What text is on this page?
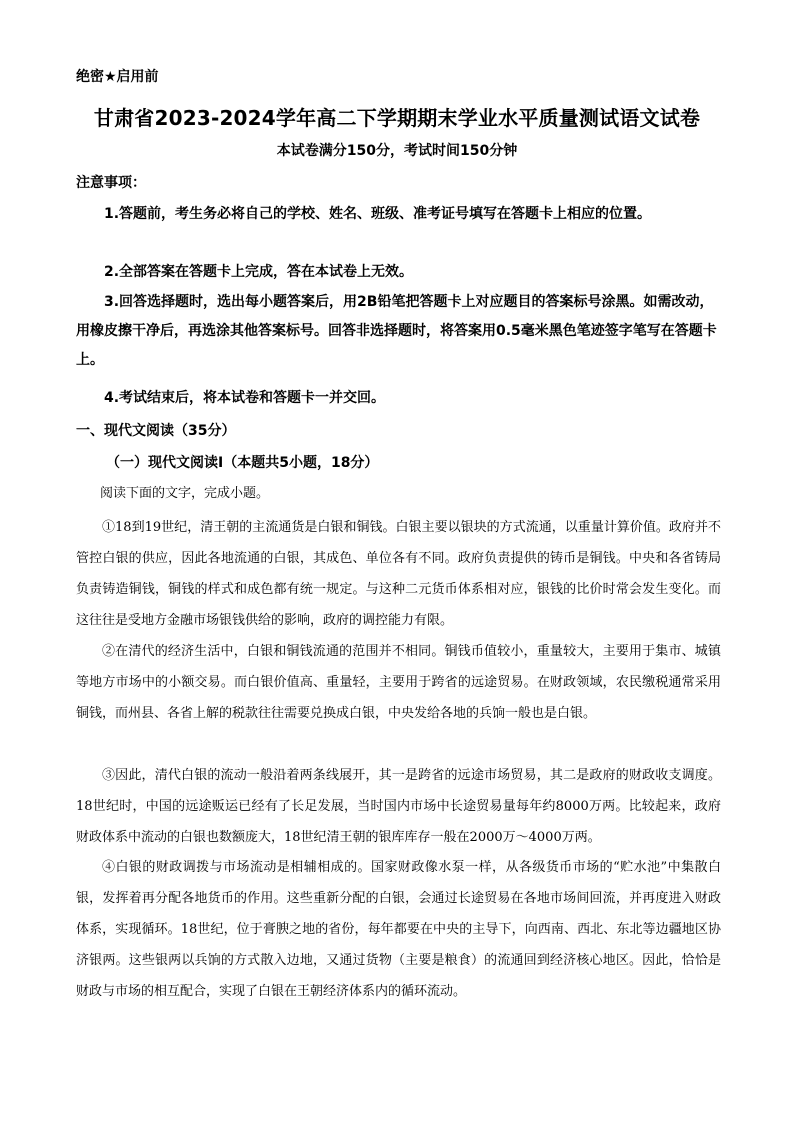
绝密★启用前
甘肃省2023-2024学年高二下学期期末学业水平质量测试语文试卷
本试卷满分150分，考试时间150分钟
注意事项：

1.答题前，考生务必将自己的学校、姓名、班级、准考证号填写在答题卡上相应的位置。

2.全部答案在答题卡上完成，答在本试卷上无效。

3.回答选择题时，选出每小题答案后，用2B铅笔把答题卡上对应题目的答案标号涂黑。如需改动，用橡皮擦干净后，再选涂其他答案标号。回答非选择题时，将答案用0.5毫米黑色笔迹签字笔写在答题卡上。

4.考试结束后，将本试卷和答题卡一并交回。

一、现代文阅读（35分）
（一）现代文阅读Ⅰ（本题共5小题，18分）
阅读下面的文字，完成小题。

①18到19世纪，清王朝的主流通货是白银和铜钱。白银主要以银块的方式流通，以重量计算价值。政府并不管控白银的供应，因此各地流通的白银，其成色、单位各有不同。政府负责提供的铸币是铜钱。中央和各省铸局负责铸造铜钱，铜钱的样式和成色都有统一规定。与这种二元货币体系相对应，银钱的比价时常会发生变化。而这往往是受地方金融市场银钱供给的影响，政府的调控能力有限。

②在清代的经济生活中，白银和铜钱流通的范围并不相同。铜钱币值较小，重量较大，主要用于集市、城镇等地方市场中的小额交易。而白银价值高、重量轻，主要用于跨省的远途贸易。在财政领域，农民缴税通常采用铜钱，而州县、各省上解的税款往往需要兑换成白银，中央发给各地的兵饷一般也是白银。

③因此，清代白银的流动一般沿着两条线展开，其一是跨省的远途市场贸易，其二是政府的财政收支调度。18世纪时，中国的远途贩运已经有了长足发展，当时国内市场中长途贸易量每年约8000万两。比较起来，政府财政体系中流动的白银也数额庞大，18世纪清王朝的银库库存一般在2000万～4000万两。

④白银的财政调拨与市场流动是相辅相成的。国家财政像水泵一样，从各级货币市场的“贮水池”中集散白银，发挥着再分配各地货币的作用。这些重新分配的白银，会通过长途贸易在各地市场间回流，并再度进入财政体系，实现循环。18世纪，位于膏腴之地的省份，每年都要在中央的主导下，向西南、西北、东北等边疆地区协济银两。这些银两以兵饷的方式散入边地，又通过货物（主要是粮食）的流通回到经济核心地区。因此，恰恰是财政与市场的相互配合，实现了白银在王朝经济体系内的循环流动。
